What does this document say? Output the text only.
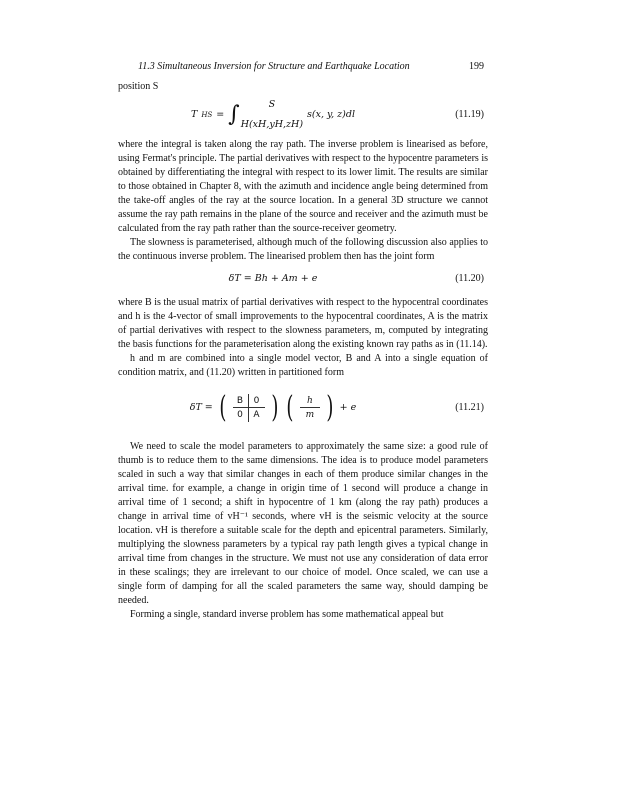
11.3 Simultaneous Inversion for Structure and Earthquake Location	199

position S

T HS = ∫	S
H(xH,yH,zH)
s(x, y, z)dl	(11.19)

where the integral is taken along the ray path. The inverse problem is linearised as before, using Fermat's principle. The partial derivatives with respect to the hypocentre parameters is obtained by differentiating the integral with respect to its lower limit. The results are similar to those obtained in Chapter 8, with the azimuth and incidence angle being determined from the take-off angles of the ray at the source location. In a general 3D structure we cannot assume the ray path remains in the plane of the source and receiver and the azimuth must be calculated from the ray path rather than the source-receiver geometry.

The slowness is parameterised, although much of the following discussion also applies to the continuous inverse problem. The linearised problem then has the joint form

δT = Bh + Am + e	(11.20)

where B is the usual matrix of partial derivatives with respect to the hypocentral coordinates and h is the 4-vector of small improvements to the hypocentral coordinates, A is the matrix of partial derivatives with respect to the slowness parameters, m, computed by integrating the basis functions for the parameterisation along the existing known ray paths as in (11.14).

h and m are combined into a single model vector, B and A into a single equation of condition matrix, and (11.20) written in partitioned form

δT = (	B	0
0	A ) (	h
m ) + e	(11.21)

We need to scale the model parameters to approximately the same size: a good rule of thumb is to reduce them to the same dimensions. The idea is to produce model parameters scaled in such a way that similar changes in each of them produce similar changes in the arrival time. for example, a change in origin time of 1 second will produce a change in arrival time of 1 second; a shift in hypocentre of 1 km (along the ray path) produces a change in arrival time of vH⁻¹ seconds, where vH is the seismic velocity at the source location. vH is therefore a suitable scale for the depth and epicentral parameters. Similarly, multiplying the slowness parameters by a typical ray path length gives a typical change in arrival time from changes in the structure. We must not use any consideration of data error in these scalings; they are irrelevant to our choice of model. Once scaled, we can use a single form of damping for all the scaled parameters the same way, should damping be needed.

Forming a single, standard inverse problem has some mathematical appeal but
